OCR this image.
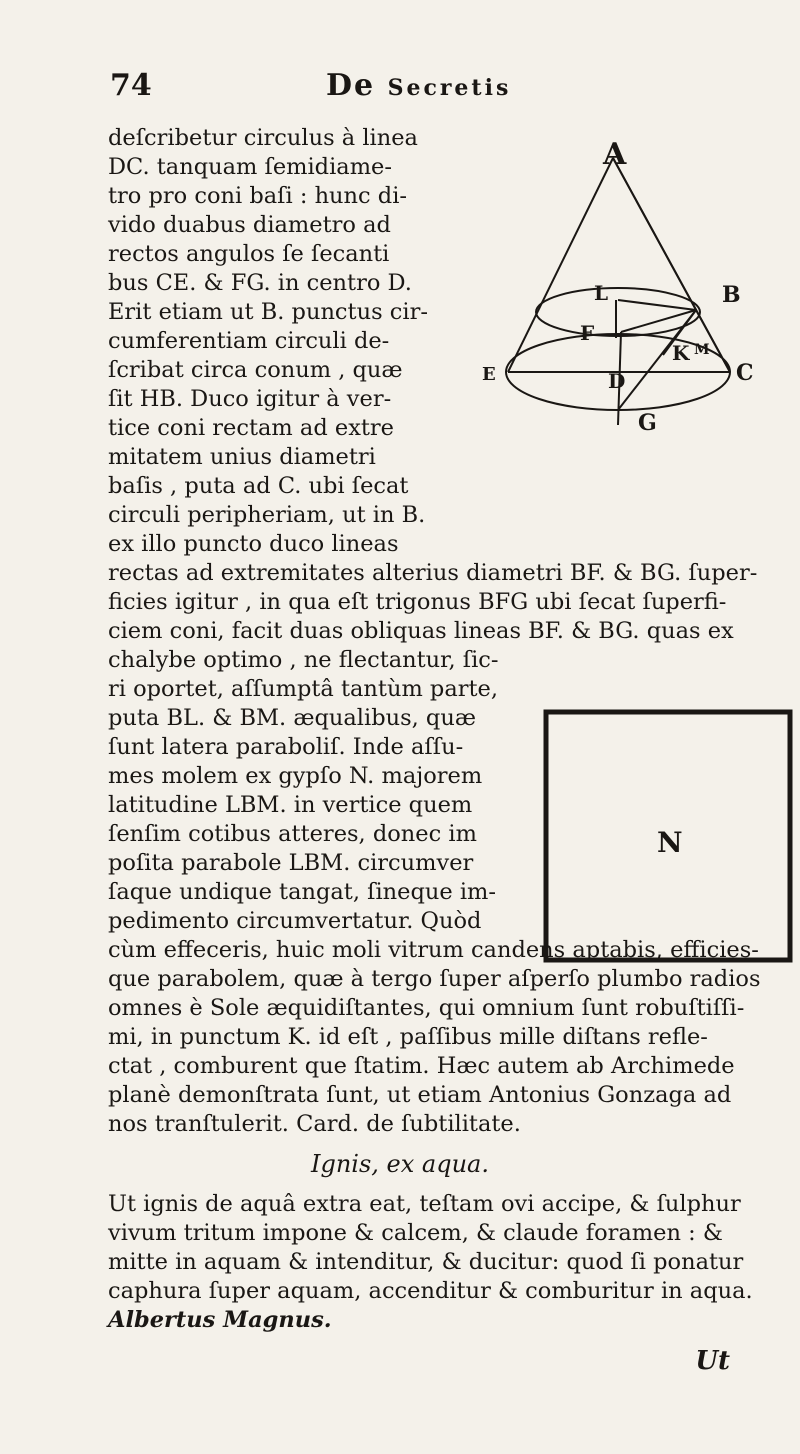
74	De Secretis
deſcribetur circulus à linea
DC. tanquam ſemidiame-
tro pro coni baſi : hunc di-
vido duabus diametro ad
rectos angulos ſe ſecanti
bus CE. & FG. in centro D.
Erit etiam ut B. punctus cir-
cumferentiam circuli de-
ſcribat circa conum , quæ
ſit HB. Duco igitur à ver-
tice coni rectam ad extre
mitatem unius diametri
baſis , puta ad C. ubi ſecat
circuli peripheriam, ut in B.
ex illo puncto duco lineas
rectas ad extremitates alterius diametri BF. & BG. ſuper-
ficies igitur , in qua eſt trigonus BFG ubi ſecat ſuperfi-
ciem coni, facit duas obliquas lineas BF. & BG. quas ex
chalybe optimo , ne flectantur, ſic-
ri oportet, aſſumptâ tantùm parte,
puta BL. & BM. æqualibus, quæ
ſunt latera paraboliſ. Inde aſſu-
mes molem ex gypſo N. majorem
latitudine LBM. in vertice quem
ſenſim cotibus atteres, donec im
poſita parabole LBM. circumver
ſaque undique tangat, ſineque im-
pedimento circumvertatur. Quòd
cùm effeceris, huic moli vitrum candens aptabis, efficies-
que parabolem, quæ à tergo ſuper aſperſo plumbo radios
omnes è Sole æquidiſtantes, qui omnium ſunt robuſtiſſi-
mi, in punctum K. id eſt , paſſibus mille diſtans refle-
ctat , comburent que ſtatim. Hæc autem ab Archimede
planè demonſtrata ſunt, ut etiam Antonius Gonzaga ad
nos tranſtulerit. Card. de ſubtilitate.
Ignis, ex aqua.
Ut ignis de aquâ extra eat, teſtam ovi accipe, & ſulphur
vivum tritum impone & calcem, & claude foramen : &
mitte in aquam & intenditur, & ducitur: quod ſi ponatur
caphura ſuper aquam, accenditur & comburitur in aqua.
Albertus Magnus.
Ut
A
B
C
D
E
F
G
K
L
M
N
